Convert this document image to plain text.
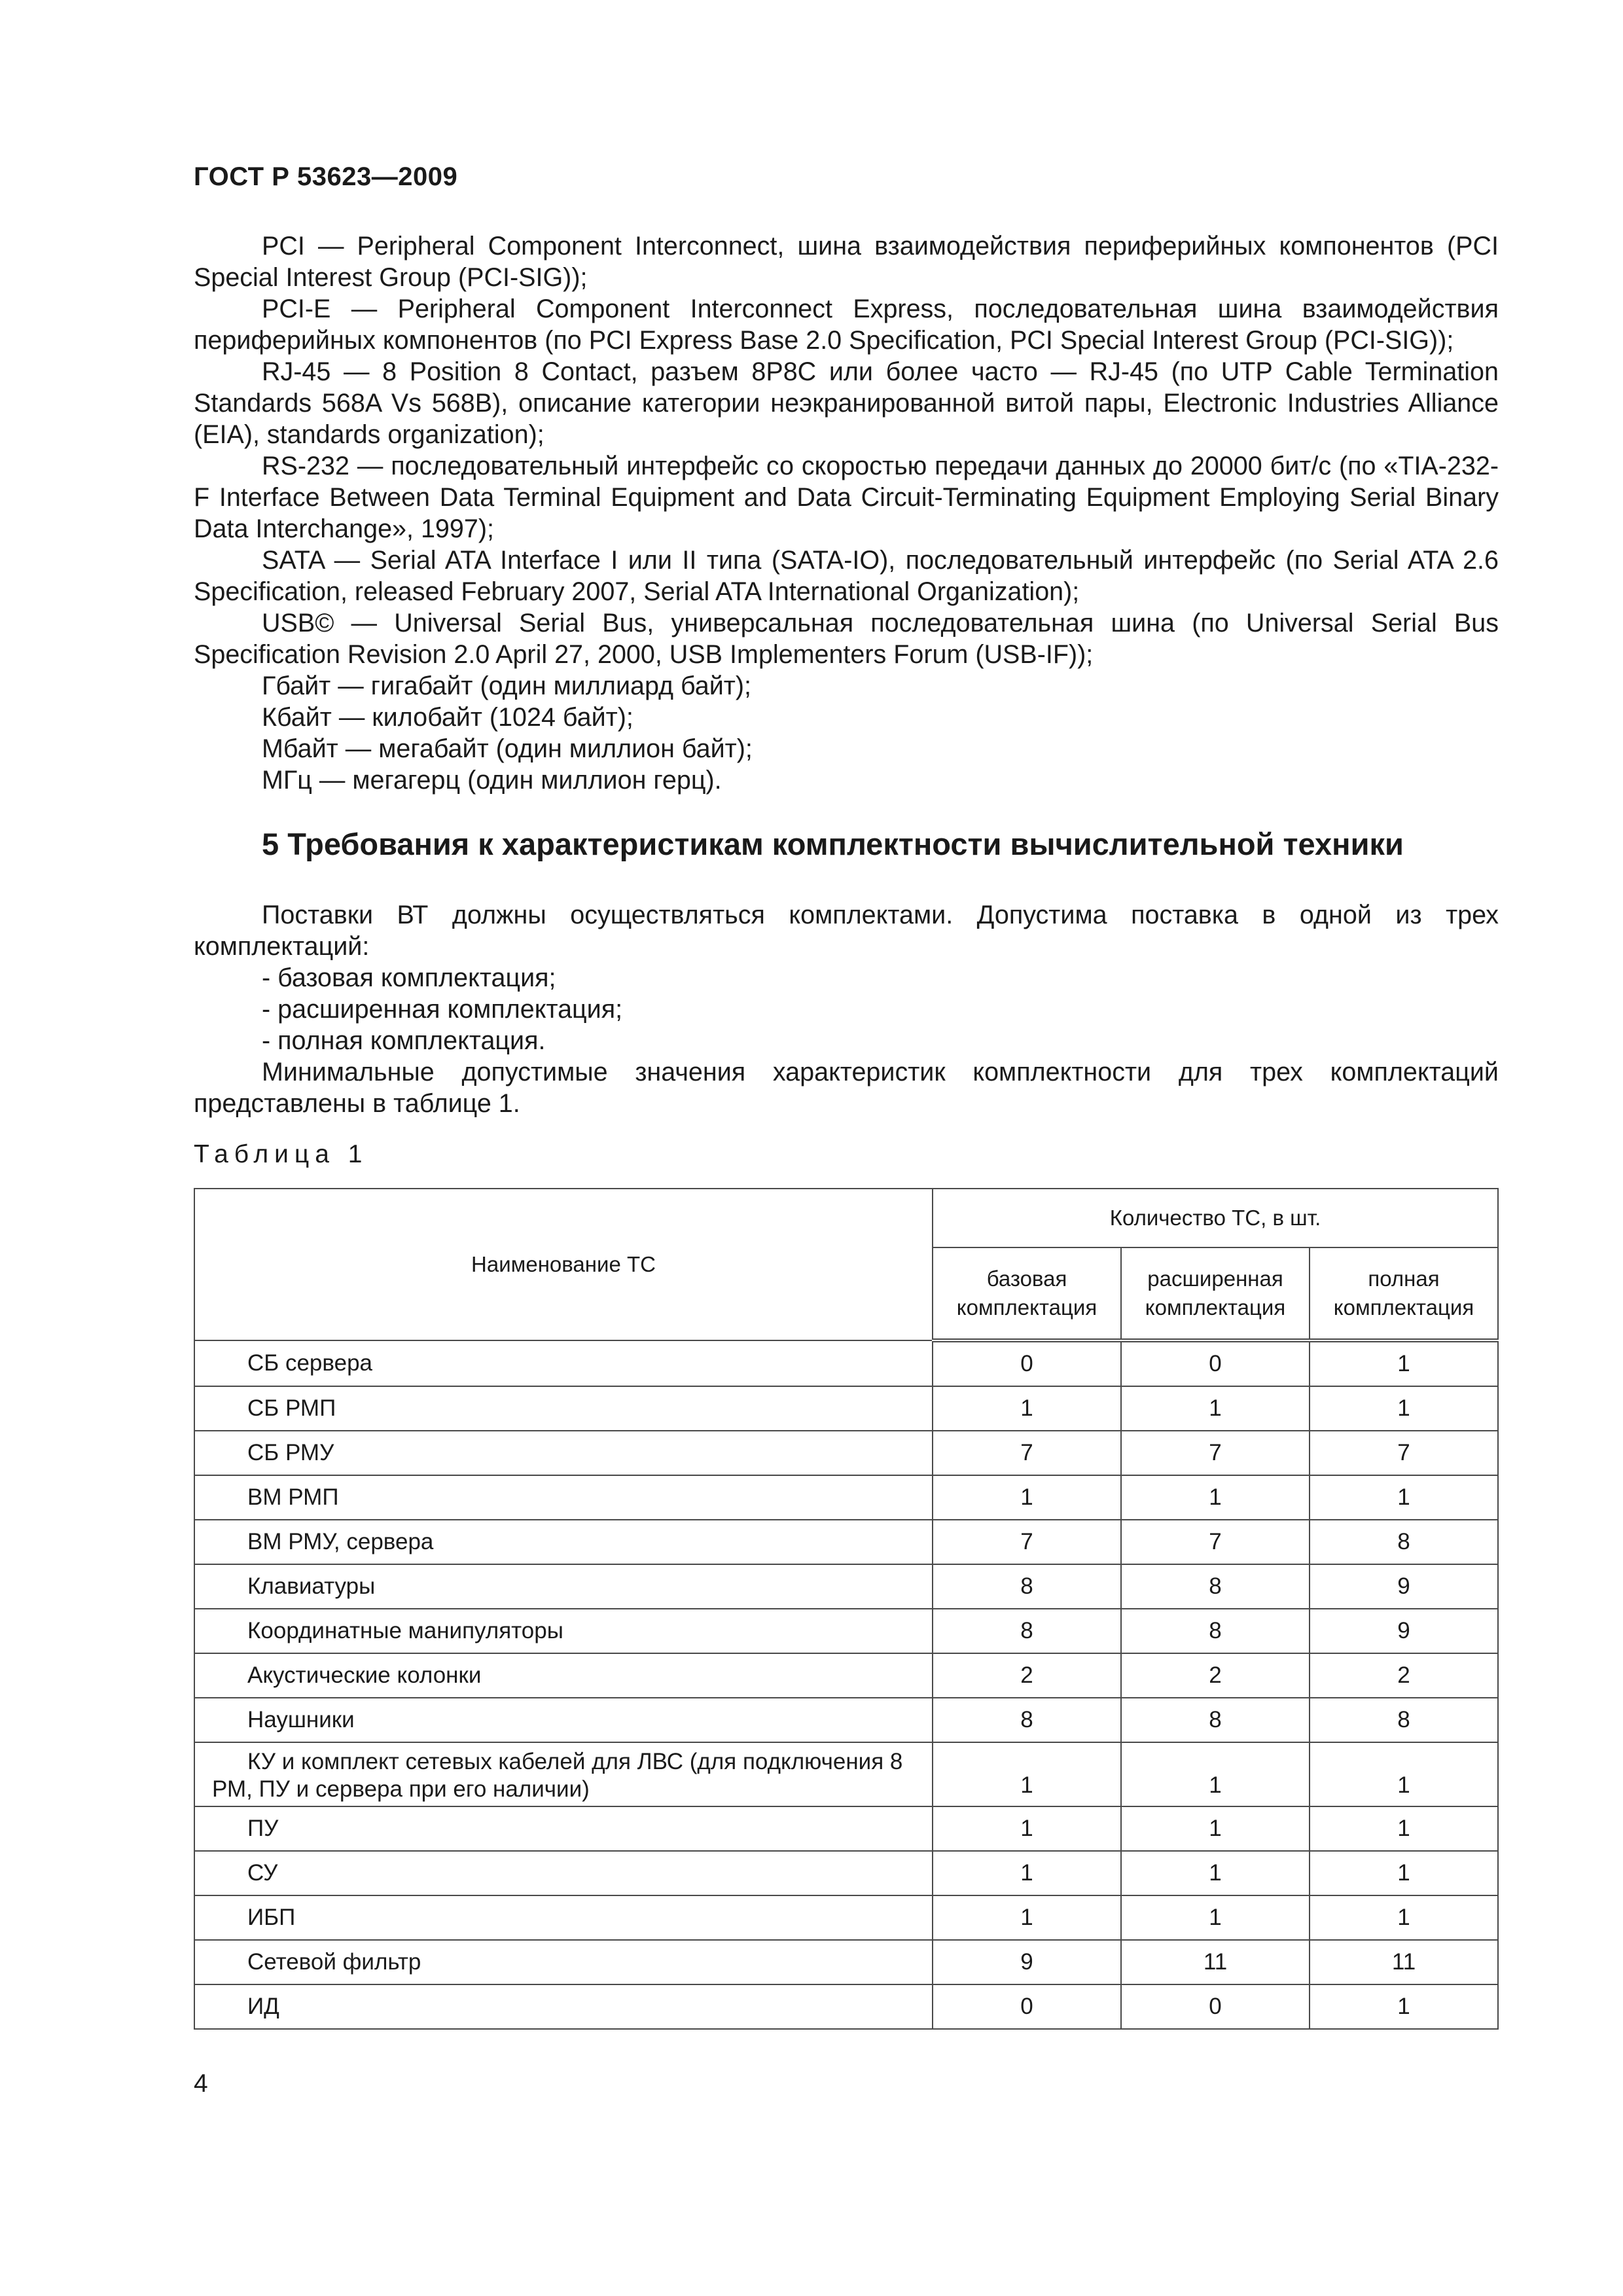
ГОСТ Р 53623—2009

PCI — Peripheral Component Interconnect, шина взаимодействия периферийных компонентов (PCI Special Interest Group (PCI-SIG));

PCI-E — Peripheral Component Interconnect Express, последовательная шина взаимодействия периферийных компонентов (по PCI Express Base 2.0 Specification, PCI Special Interest Group (PCI-SIG));

RJ-45 — 8 Position 8 Contact, разъем 8P8C или более часто — RJ-45 (по UTP Cable Termination Standards 568A Vs 568B), описание категории неэкранированной витой пары, Electronic Industries Alliance (EIA), standards organization);

RS-232 — последовательный интерфейс со скоростью передачи данных до 20000 бит/с (по «TIA-232-F Interface Between Data Terminal Equipment and Data Circuit-Terminating Equipment Employing Serial Binary Data Interchange», 1997);

SATA — Serial ATA Interface I или II типа (SATA-IO), последовательный интерфейс (по Serial ATA 2.6 Specification, released February 2007, Serial ATA International Organization);

USB© — Universal Serial Bus, универсальная последовательная шина (по Universal Serial Bus Specification Revision 2.0 April 27, 2000, USB Implementers Forum (USB-IF));

Гбайт — гигабайт (один миллиард байт);

Кбайт — килобайт (1024 байт);

Мбайт — мегабайт (один миллион байт);

МГц — мегагерц (один миллион герц).

5 Требования к характеристикам комплектности вычислительной техники

Поставки ВТ должны осуществляться комплектами. Допустима поставка в одной из трех комплектаций:

- базовая комплектация;

- расширенная комплектация;

- полная комплектация.

Минимальные допустимые значения характеристик комплектности для трех комплектаций представлены в таблице 1.

Таблица 1
Наименование ТС	Количество ТС, в шт.		
	базовая комплектация	расширенная комплектация	полная комплектация
СБ сервера	0	0	1
СБ РМП	1	1	1
СБ РМУ	7	7	7
ВМ РМП	1	1	1
ВМ РМУ, сервера	7	7	8
Клавиатуры	8	8	9
Координатные манипуляторы	8	8	9
Акустические колонки	2	2	2
Наушники	8	8	8
КУ и комплект сетевых кабелей для ЛВС (для подключения 8 РМ, ПУ и сервера при его наличии)	1	1	1
ПУ	1	1	1
СУ	1	1	1
ИБП	1	1	1
Сетевой фильтр	9	11	11
ИД	0	0	1
4
